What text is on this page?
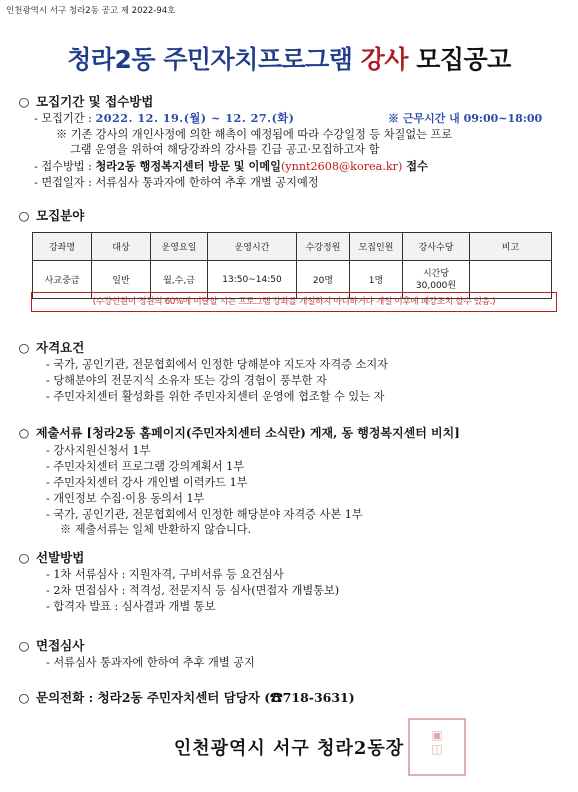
인천광역시 서구 청라2동 공고 제 2022-94호
청라2동 주민자치프로그램 강사 모집공고
○ 모집기간 및 접수방법
- 모집기간 : 2022. 12. 19.(월) ~ 12. 27.(화)	※ 근무시간 내 09:00~18:00
※ 기존 강사의 개인사정에 의한 해촉이 예정됨에 따라 수강일정 등 차질없는 프로
그램 운영을 위하여 해당강좌의 강사를 긴급 공고·모집하고자 함
- 접수방법 : 청라2동 행정복지센터 방문 및 이메일(ynnt2608@korea.kr) 접수
- 면접일자 : 서류심사 통과자에 한하여 추후 개별 공지예정
○ 모집분야
강좌명	대상	운영요일	운영시간	수강정원	모집인원	강사수당	비고
사교중급	일반	월,수,금	13:50~14:50	20명	1명	시간당 30,000원	
(수강인원이 정원의 60%에 미달할 시는 프로그램 강좌를 개설하지 아니하거나 개설 이후에 폐강조치 할수 있음.)
○ 자격요건
- 국가, 공인기관, 전문협회에서 인정한 당해분야 지도자 자격증 소지자
- 당해분야의 전문지식 소유자 또는 강의 경험이 풍부한 자
- 주민자치센터 활성화를 위한 주민자치센터 운영에 협조할 수 있는 자
○ 제출서류 [청라2동 홈페이지(주민자치센터 소식란) 게재, 동 행정복지센터 비치]
- 강사지원신청서 1부
- 주민자치센터 프로그램 강의계획서 1부
- 주민자치센터 강사 개인별 이력카드 1부
- 개인정보 수집·이용 동의서 1부
- 국가, 공인기관, 전문협회에서 인정한 해당분야 자격증 사본 1부
※ 제출서류는 일체 반환하지 않습니다.
○ 선발방법
- 1차 서류심사 : 지원자격, 구비서류 등 요건심사
- 2차 면접심사 : 적격성, 전문지식 등 심사(면접자 개별통보)
- 합격자 발표 : 심사결과 개별 통보
○ 면접심사
- 서류심사 통과자에 한하여 추후 개별 공지
○ 문의전화 : 청라2동 주민자치센터 담당자 (☎718-3631)
▣
◫
인천광역시 서구 청라2동장
